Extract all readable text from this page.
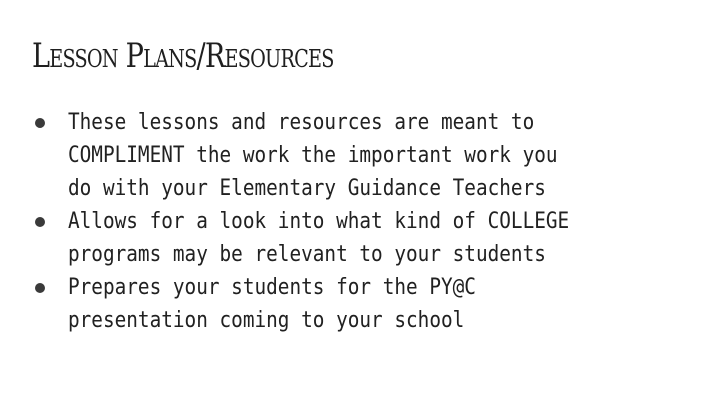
Lesson Plans/Resources
These lessons and resources are meant to
COMPLIMENT the work the important work you
do with your Elementary Guidance Teachers
Allows for a look into what kind of COLLEGE
programs may be relevant to your students
Prepares your students for the PY@C
presentation coming to your school
